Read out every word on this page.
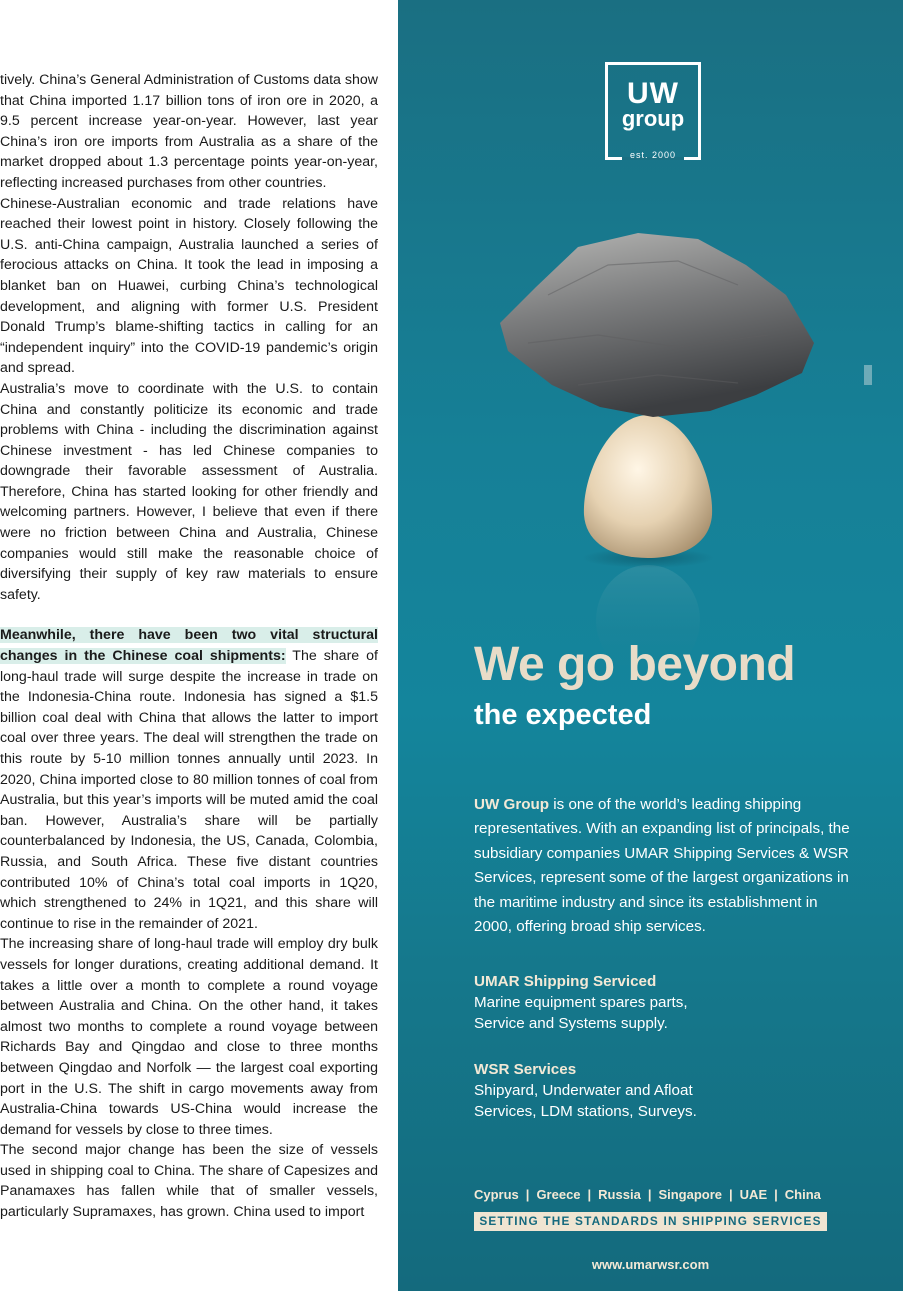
tively. China’s General Administration of Customs data show that China imported 1.17 billion tons of iron ore in 2020, a 9.5 percent increase year-on-year. However, last year China’s iron ore imports from Australia as a share of the market dropped about 1.3 percentage points year-on-year, reflecting increased purchases from other countries.

Chinese-Australian economic and trade relations have reached their lowest point in history. Closely following the U.S. anti-China campaign, Australia launched a series of ferocious attacks on China. It took the lead in imposing a blanket ban on Huawei, curbing China’s technological development, and aligning with former U.S. President Donald Trump’s blame-shifting tactics in calling for an “independent inquiry” into the COVID-19 pandemic’s origin and spread.

Australia’s move to coordinate with the U.S. to contain China and constantly politicize its economic and trade problems with China - including the discrimination against Chinese investment - has led Chinese companies to downgrade their favorable assessment of Australia. Therefore, China has started looking for other friendly and welcoming partners. However, I believe that even if there were no friction between China and Australia, Chinese companies would still make the reasonable choice of diversifying their supply of key raw materials to ensure safety.

Meanwhile, there have been two vital structural changes in the Chinese coal shipments: The share of long-haul trade will surge despite the increase in trade on the Indonesia-China route. Indonesia has signed a $1.5 billion coal deal with China that allows the latter to import coal over three years. The deal will strengthen the trade on this route by 5-10 million tonnes annually until 2023. In 2020, China imported close to 80 million tonnes of coal from Australia, but this year’s imports will be muted amid the coal ban. However, Australia’s share will be partially counterbalanced by Indonesia, the US, Canada, Colombia, Russia, and South Africa. These five distant countries contributed 10% of China’s total coal imports in 1Q20, which strengthened to 24% in 1Q21, and this share will continue to rise in the remainder of 2021.

The increasing share of long-haul trade will employ dry bulk vessels for longer durations, creating additional demand. It takes a little over a month to complete a round voyage between Australia and China. On the other hand, it takes almost two months to complete a round voyage between Richards Bay and Qingdao and close to three months between Qingdao and Norfolk — the largest coal exporting port in the U.S. The shift in cargo movements away from Australia-China towards US-China would increase the demand for vessels by close to three times.

The second major change has been the size of vessels used in shipping coal to China. The share of Capesizes and Panamaxes has fallen while that of smaller vessels, particularly Supramaxes, has grown. China used to import

UW
group
est. 2000
We go beyond
the expected
UW Group is one of the world’s leading shipping representatives. With an expanding list of principals, the subsidiary companies UMAR Shipping Services & WSR Services, represent some of the largest organizations in the maritime industry and since its establishment in 2000, offering broad ship services.
UMAR Shipping Serviced
Marine equipment spares parts,
Service and Systems supply.
WSR Services
Shipyard, Underwater and Afloat
Services, LDM stations, Surveys.
Cyprus | Greece | Russia | Singapore | UAE | China
SETTING THE STANDARDS IN SHIPPING SERVICES
www.umarwsr.com
